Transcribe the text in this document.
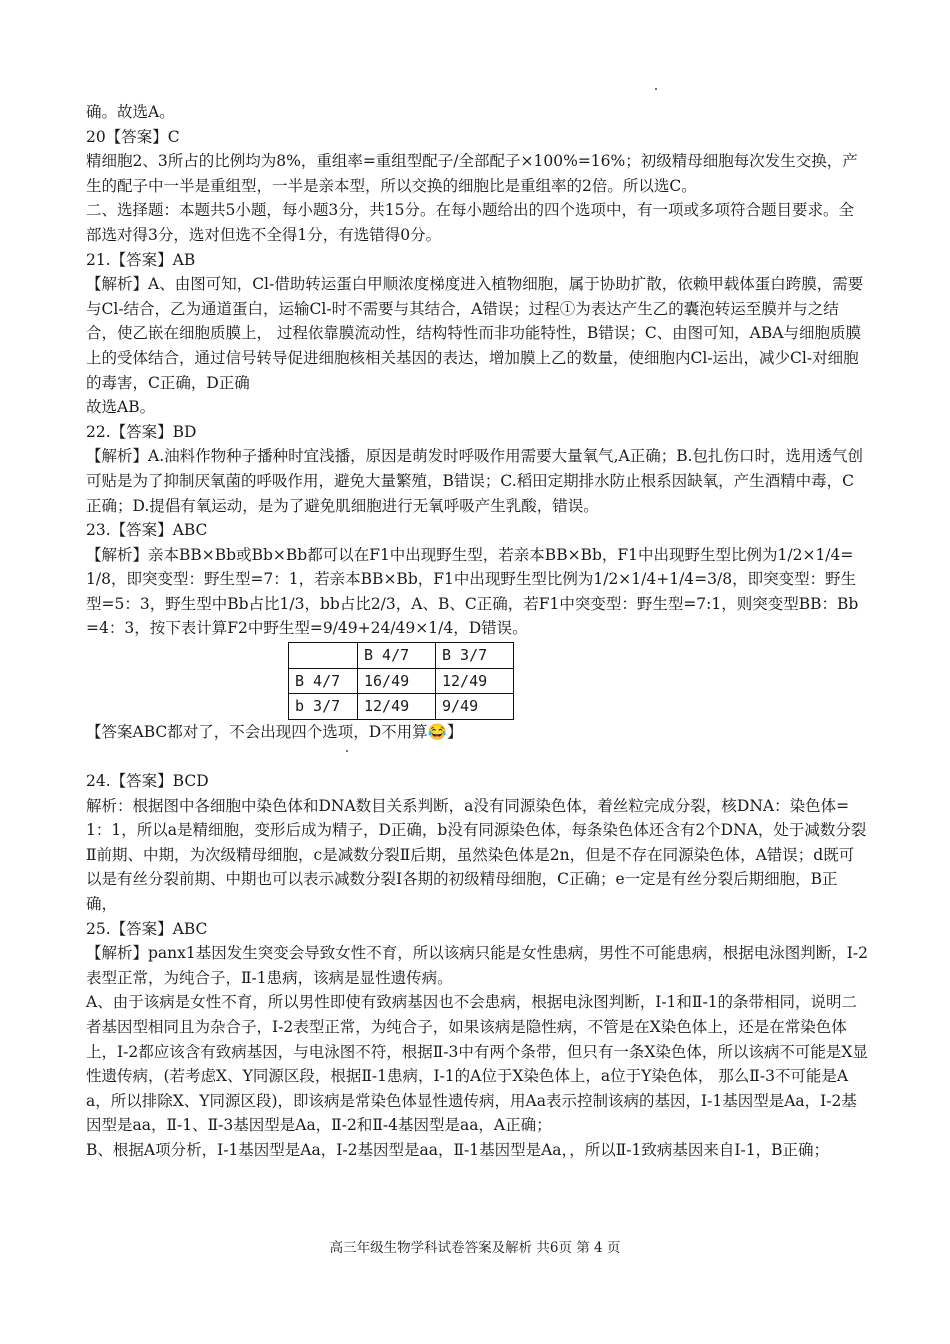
确。故选A。

20【答案】C

精细胞2、3所占的比例均为8%，重组率=重组型配子/全部配子×100%=16%；初级精母细胞每次发生交换，产生的配子中一半是重组型，一半是亲本型，所以交换的细胞比是重组率的2倍。所以选C。

二、选择题：本题共5小题，每小题3分，共15分。在每小题给出的四个选项中，有一项或多项符合题目要求。全部选对得3分，选对但选不全得1分，有选错得0分。

21.【答案】AB

【解析】A、由图可知，Cl-借助转运蛋白甲顺浓度梯度进入植物细胞，属于协助扩散，依赖甲载体蛋白跨膜，需要与Cl-结合，乙为通道蛋白，运输Cl-时不需要与其结合，A错误；过程①为表达产生乙的囊泡转运至膜并与之结合，使乙嵌在细胞质膜上， 过程依靠膜流动性，结构特性而非功能特性，B错误；C、由图可知，ABA与细胞质膜上的受体结合，通过信号转导促进细胞核相关基因的表达，增加膜上乙的数量，使细胞内Cl-运出，减少Cl-对细胞的毒害，C正确，D正确

故选AB。

22.【答案】BD

【解析】A.油料作物种子播种时宜浅播，原因是萌发时呼吸作用需要大量氧气,A正确；B.包扎伤口时，选用透气创可贴是为了抑制厌氧菌的呼吸作用，避免大量繁殖，B错误；C.稻田定期排水防止根系因缺氧，产生酒精中毒，C正确；D.提倡有氧运动，是为了避免肌细胞进行无氧呼吸产生乳酸，错误。

23.【答案】ABC

【解析】亲本BB×Bb或Bb×Bb都可以在F1中出现野生型，若亲本BB×Bb，F1中出现野生型比例为1/2×1/4=1/8，即突变型：野生型=7：1，若亲本BB×Bb，F1中出现野生型比例为1/2×1/4+1/4=3/8，即突变型：野生型=5：3，野生型中Bb占比1/3，bb占比2/3，A、B、C正确，若F1中突变型：野生型=7:1，则突变型BB：Bb=4：3，按下表计算F2中野生型=9/49+24/49×1/4，D错误。

	B 4/7	B 3/7
B 4/7	16/49	12/49
b 3/7	12/49	9/49

【答案ABC都对了，不会出现四个选项，D不用算😂】

24.【答案】BCD

解析：根据图中各细胞中染色体和DNA数目关系判断，a没有同源染色体，着丝粒完成分裂，核DNA：染色体=1：1，所以a是精细胞，变形后成为精子，D正确，b没有同源染色体，每条染色体还含有2个DNA，处于减数分裂Ⅱ前期、中期，为次级精母细胞，c是减数分裂Ⅱ后期，虽然染色体是2n，但是不存在同源染色体，A错误；d既可以是有丝分裂前期、中期也可以表示减数分裂Ⅰ各期的初级精母细胞，C正确；e一定是有丝分裂后期细胞，B正确，

25.【答案】ABC

【解析】panx1基因发生突变会导致女性不育，所以该病只能是女性患病，男性不可能患病，根据电泳图判断，Ⅰ-2表型正常，为纯合子，Ⅱ-1患病，该病是显性遗传病。

A、由于该病是女性不育，所以男性即使有致病基因也不会患病，根据电泳图判断，Ⅰ-1和Ⅱ-1的条带相同，说明二者基因型相同且为杂合子，Ⅰ-2表型正常，为纯合子，如果该病是隐性病，不管是在X染色体上，还是在常染色体上，Ⅰ-2都应该含有致病基因，与电泳图不符，根据Ⅱ-3中有两个条带，但只有一条X染色体，所以该病不可能是X显性遗传病，(若考虑X、Y同源区段，根据Ⅱ-1患病，Ⅰ-1的A位于X染色体上，a位于Y染色体， 那么Ⅱ-3不可能是Aa，所以排除X、Y同源区段)，即该病是常染色体显性遗传病，用Aa表示控制该病的基因，Ⅰ-1基因型是Aa，Ⅰ-2基因型是aa，Ⅱ-1、Ⅱ-3基因型是Aa，Ⅱ-2和Ⅱ-4基因型是aa，A正确；

B、根据A项分析，Ⅰ-1基因型是Aa，Ⅰ-2基因型是aa，Ⅱ-1基因型是Aa，，所以Ⅱ-1致病基因来自Ⅰ-1，B正确；

高三年级生物学科试卷答案及解析 共6页 第 4 页
